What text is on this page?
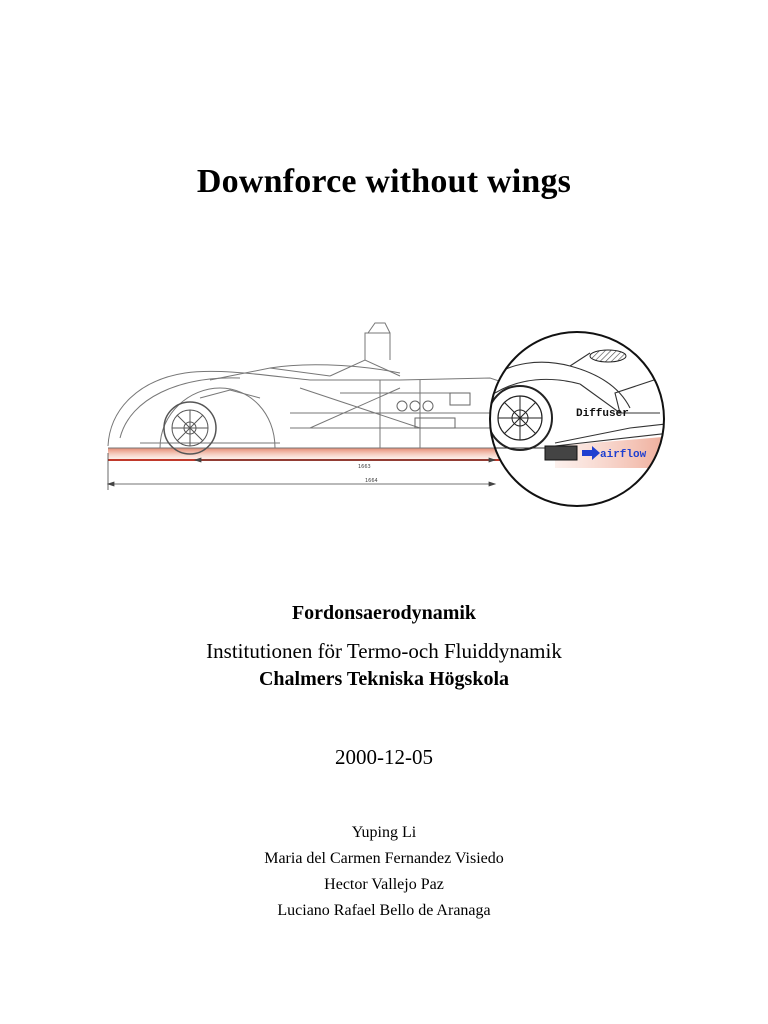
Downforce without wings
1663
1664
Diffuser
airflow
Fordonsaerodynamik
Institutionen för Termo-och Fluiddynamik
Chalmers Tekniska Högskola
2000-12-05
Yuping Li
Maria del Carmen Fernandez Visiedo
Hector Vallejo Paz
Luciano Rafael Bello de Aranaga
